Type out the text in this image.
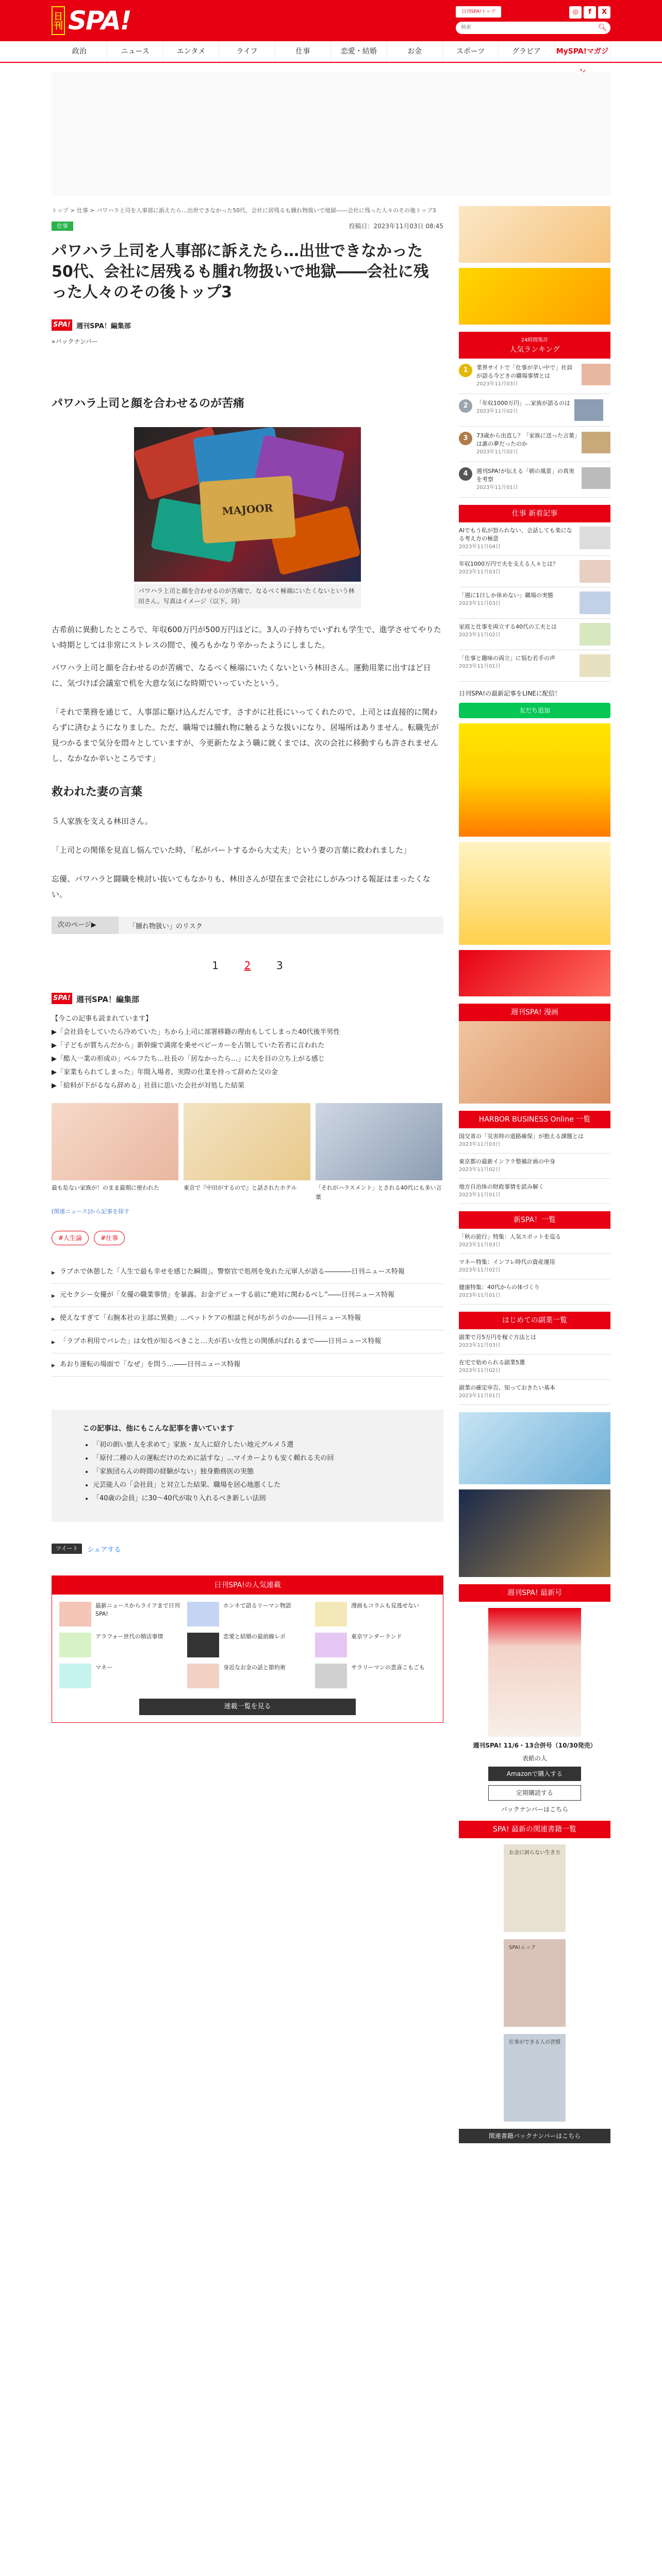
日刊 SPA!	日刊SPA!トップ	◎	f	X
検索
🔍︎
政治	ニュース	エンタメ	ライフ	仕事	恋愛・結婚	お金	スポーツ	グラビア	MySPA!マガジ
トップ > 仕事 > パワハラ上司を人事部に訴えたら…出世できなかった50代、会社に居残るも腫れ物扱いで地獄――会社に残った人々のその後トップ3
仕事	投稿日：2023年11月03日 08:45
パワハラ上司を人事部に訴えたら…出世できなかった50代、会社に居残るも腫れ物扱いで地獄――会社に残った人々のその後トップ3
SPA! 週刊SPA！編集部
»バックナンバー
パワハラ上司と顔を合わせるのが苦痛
MAJOOR
パワハラ上司と顔を合わせるのが苦痛で、なるべく極端にいたくないという林田さん。写真はイメージ（以下、同）

古希前に異動したところで、年収600万円が500万円ほどに。3人の子持ちでいずれも学生で、進学させてやりたい時期としては非常にストレスの間で、後ろもかなり辛かったようにしました。

パワハラ上司と顔を合わせるのが苦痛で、なるべく極端にいたくないという林田さん。運動用業に出すほど日に、気づけば会議室で机を大意な気にな時期でいっていたという。

「それで業務を通じて、人事部に駆け込んだんです。さすがに社長にいってくれたので、上司とは直接的に関わらずに済むようになりました。ただ、職場では腫れ物に触るような扱いになり、居場所はありません。転職先が見つかるまで気分を悶々としていますが、今更新たなよう職に就くまでは、次の会社に移動すらも許されませんし、なかなか辛いところです」

救われた妻の言葉

５人家族を支える林田さん。

「上司との関係を見直し悩んでいた時、「私がパートするから大丈夫」という妻の言葉に救われました」

忘優、パワハラと闘職を検討い抜いてもなかりも、林田さんが望在まで会社にしがみつける報証はまったくない。

次のページ▶	「腫れ物扱い」のリスク
1 2 3
SPA! 週刊SPA！編集部
【今この記事も読まれています】
▶「会社員をしていたら冷めていた」ちから上司に部署移籍の理由もしてしまった40代後半男性
▶「子どもが質ちんだから」新幹線で満席を乗せベビーカーを占領していた若者に言われた
▶「酷人一業の形成の」ベルフたち…社長の「居なかったら…」に夫を目の立ち上がる感じ
▶「家業もられてしまった」年間入場者、実際の仕業を持って辞めた父の金
▶「給料が下がるなら辞める」社員に思いた会社が対処した結果
最も危ない家族が！のまま最期に使われた	東京で『中田がするので』と話されたホテル	「それがハラスメント」とされる40代にも多い言葉
[関連ニュース]から記事を探す
#人生論	#仕事
▶ ラブホで休憩した「人生で最も幸せを感じた瞬間」。警察官で処刑を免れた元軍人が語る――――日刊ニュース特報
▶ 元セクシー女優が「女優の職業事情」を暴露。お金デビューする前に“絶対に関わるべし”――日刊ニュース特報
▶ 使えなすぎて「右腕本社の主部に異動」…ペットケアの相談と何がちがうのか――日刊ニュース特報
▶ 「ラブホ利用でバレた」は女性が知るべきこと…夫が若い女性との関係がばれるまで――日刊ニュース特報
▶ あおり運転の場面で「なぜ」を問う…――日刊ニュース特報
この記事は、他にもこんな記事を書いています
• 「初の朗い旅人を求めて」家族・友人に紹介したい地元グルメ５選
• 「原付二種の人の運転だけのために話すな」…マイカーよりも安く頼れる夫の回
• 「家族団らんの時間の経験がない」独身勤務医の実態
• 元芸能人の「会社員」と対立した結果、職場を居心地悪くした
• 「40歳の会員」に30〜40代が取り入れるべき新しい法則
ツイート	シェアする
日刊SPA!の人気連載
最新ニュースからライフまで日刊SPA!
ホンネで語るリーマン物語	漫画もコラムも見逃せない
アラフォー世代の婚活事情	恋愛と結婚の最前線レポ	東京ワンダーランド
マネー	身近なお金の話と節約術	サラリーマンの悲喜こもごも
連載一覧を見る
24時間集計
人気ランキング
1	業界サイトで「仕事が辛い中で」社員が語る今どきの職場事情とは
2023年11月03日
2	「年収1000万円」…家族が語るのは
2023年11月02日
3	73歳から出直し？「家族に送った言葉」は誰の夢だったのか
2023年11月02日
4	週刊SPA!が伝える「朝の風景」の真実を考察
2023年11月01日
仕事 新着記事
AIでもう私が怒られない、会話しても楽になる考え方の極意
2023年11月04日
年収1000万円で夫を支える人々とは？
2023年11月03日
「週に1日しか休めない」職場の実態
2023年11月03日
家庭と仕事を両立する40代の工夫とは
2023年11月02日
「仕事と趣味の両立」に悩む若手の声
2023年11月01日
日刊SPA!の最新記事をLINEに配信！
友だち追加
週刊SPA! 漫画
HARBOR BUSINESS Online 一覧
国交省の「災害時の道路確保」が抱える課題とは
2023年11月03日
東京都の最新インフラ整備計画の中身
2023年11月02日
地方自治体の財政事情を読み解く
2023年11月01日
新SPA！一覧
「秋の旅行」特集：人気スポットを巡る
2023年11月03日
マネー特集：インフレ時代の資産運用
2023年11月02日
健康特集：40代からの体づくり
2023年11月01日
はじめての副業一覧
副業で月5万円を稼ぐ方法とは
2023年11月03日
在宅で始められる副業5選
2023年11月02日
副業の確定申告、知っておきたい基本
2023年11月01日
週刊SPA! 最新号
週刊SPA! 11/6・13合併号（10/30発売）
表紙の人
Amazonで購入する
定期購読する
バックナンバーはこちら
SPA! 最新の関連書籍一覧
お金に困らない生き方
SPA!ムック
仕事ができる人の習慣
関連書籍バックナンバーはこちら
